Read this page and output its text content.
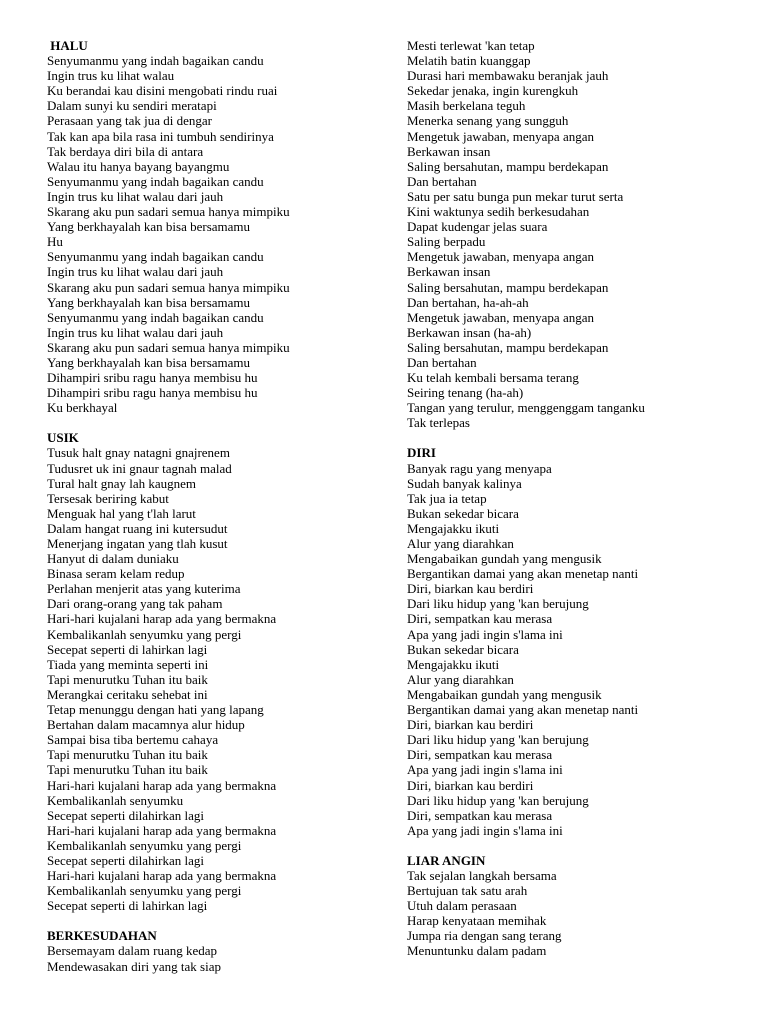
HALU
Senyumanmu yang indah bagaikan candu
Ingin trus ku lihat walau
Ku berandai kau disini mengobati rindu ruai
Dalam sunyi ku sendiri meratapi
Perasaan yang tak jua di dengar
Tak kan apa bila rasa ini tumbuh sendirinya
Tak berdaya diri bila di antara
Walau itu hanya bayang bayangmu
Senyumanmu yang indah bagaikan candu
Ingin trus ku lihat walau dari jauh
Skarang aku pun sadari semua hanya mimpiku
Yang berkhayalah kan bisa bersamamu
Hu
Senyumanmu yang indah bagaikan candu
Ingin trus ku lihat walau dari jauh
Skarang aku pun sadari semua hanya mimpiku
Yang berkhayalah kan bisa bersamamu
Senyumanmu yang indah bagaikan candu
Ingin trus ku lihat walau dari jauh
Skarang aku pun sadari semua hanya mimpiku
Yang berkhayalah kan bisa bersamamu
Dihampiri sribu ragu hanya membisu hu
Dihampiri sribu ragu hanya membisu hu
Ku berkhayal
USIK
Tusuk halt gnay natagni gnajrenem
Tudusret uk ini gnaur tagnah malad
Tural halt gnay lah kaugnem
Tersesak beriring kabut
Menguak hal yang t'lah larut
Dalam hangat ruang ini kutersudut
Menerjang ingatan yang tlah kusut
Hanyut di dalam duniaku
Binasa seram kelam redup
Perlahan menjerit atas yang kuterima
Dari orang-orang yang tak paham
Hari-hari kujalani harap ada yang bermakna
Kembalikanlah senyumku yang pergi
Secepat seperti di lahirkan lagi
Tiada yang meminta seperti ini
Tapi menurutku Tuhan itu baik
Merangkai ceritaku sehebat ini
Tetap menunggu dengan hati yang lapang
Bertahan dalam macamnya alur hidup
Sampai bisa tiba bertemu cahaya
Tapi menurutku Tuhan itu baik
Tapi menurutku Tuhan itu baik
Hari-hari kujalani harap ada yang bermakna
Kembalikanlah senyumku
Secepat seperti dilahirkan lagi
Hari-hari kujalani harap ada yang bermakna
Kembalikanlah senyumku yang pergi
Secepat seperti dilahirkan lagi
Hari-hari kujalani harap ada yang bermakna
Kembalikanlah senyumku yang pergi
Secepat seperti di lahirkan lagi
BERKESUDAHAN
Bersemayam dalam ruang kedap
Mendewasakan diri yang tak siap
Mesti terlewat 'kan tetap
Melatih batin kuanggap
Durasi hari membawaku beranjak jauh
Sekedar jenaka, ingin kurengkuh
Masih berkelana teguh
Menerka senang yang sungguh
Mengetuk jawaban, menyapa angan
Berkawan insan
Saling bersahutan, mampu berdekapan
Dan bertahan
Satu per satu bunga pun mekar turut serta
Kini waktunya sedih berkesudahan
Dapat kudengar jelas suara
Saling berpadu
Mengetuk jawaban, menyapa angan
Berkawan insan
Saling bersahutan, mampu berdekapan
Dan bertahan, ha-ah-ah
Mengetuk jawaban, menyapa angan
Berkawan insan (ha-ah)
Saling bersahutan, mampu berdekapan
Dan bertahan
Ku telah kembali bersama terang
Seiring tenang (ha-ah)
Tangan yang terulur, menggenggam tanganku
Tak terlepas
DIRI
Banyak ragu yang menyapa
Sudah banyak kalinya
Tak jua ia tetap
Bukan sekedar bicara
Mengajakku ikuti
Alur yang diarahkan
Mengabaikan gundah yang mengusik
Bergantikan damai yang akan menetap nanti
Diri, biarkan kau berdiri
Dari liku hidup yang 'kan berujung
Diri, sempatkan kau merasa
Apa yang jadi ingin s'lama ini
Bukan sekedar bicara
Mengajakku ikuti
Alur yang diarahkan
Mengabaikan gundah yang mengusik
Bergantikan damai yang akan menetap nanti
Diri, biarkan kau berdiri
Dari liku hidup yang 'kan berujung
Diri, sempatkan kau merasa
Apa yang jadi ingin s'lama ini
Diri, biarkan kau berdiri
Dari liku hidup yang 'kan berujung
Diri, sempatkan kau merasa
Apa yang jadi ingin s'lama ini
LIAR ANGIN
Tak sejalan langkah bersama
Bertujuan tak satu arah
Utuh dalam perasaan
Harap kenyataan memihak
Jumpa ria dengan sang terang
Menuntunku dalam padam
